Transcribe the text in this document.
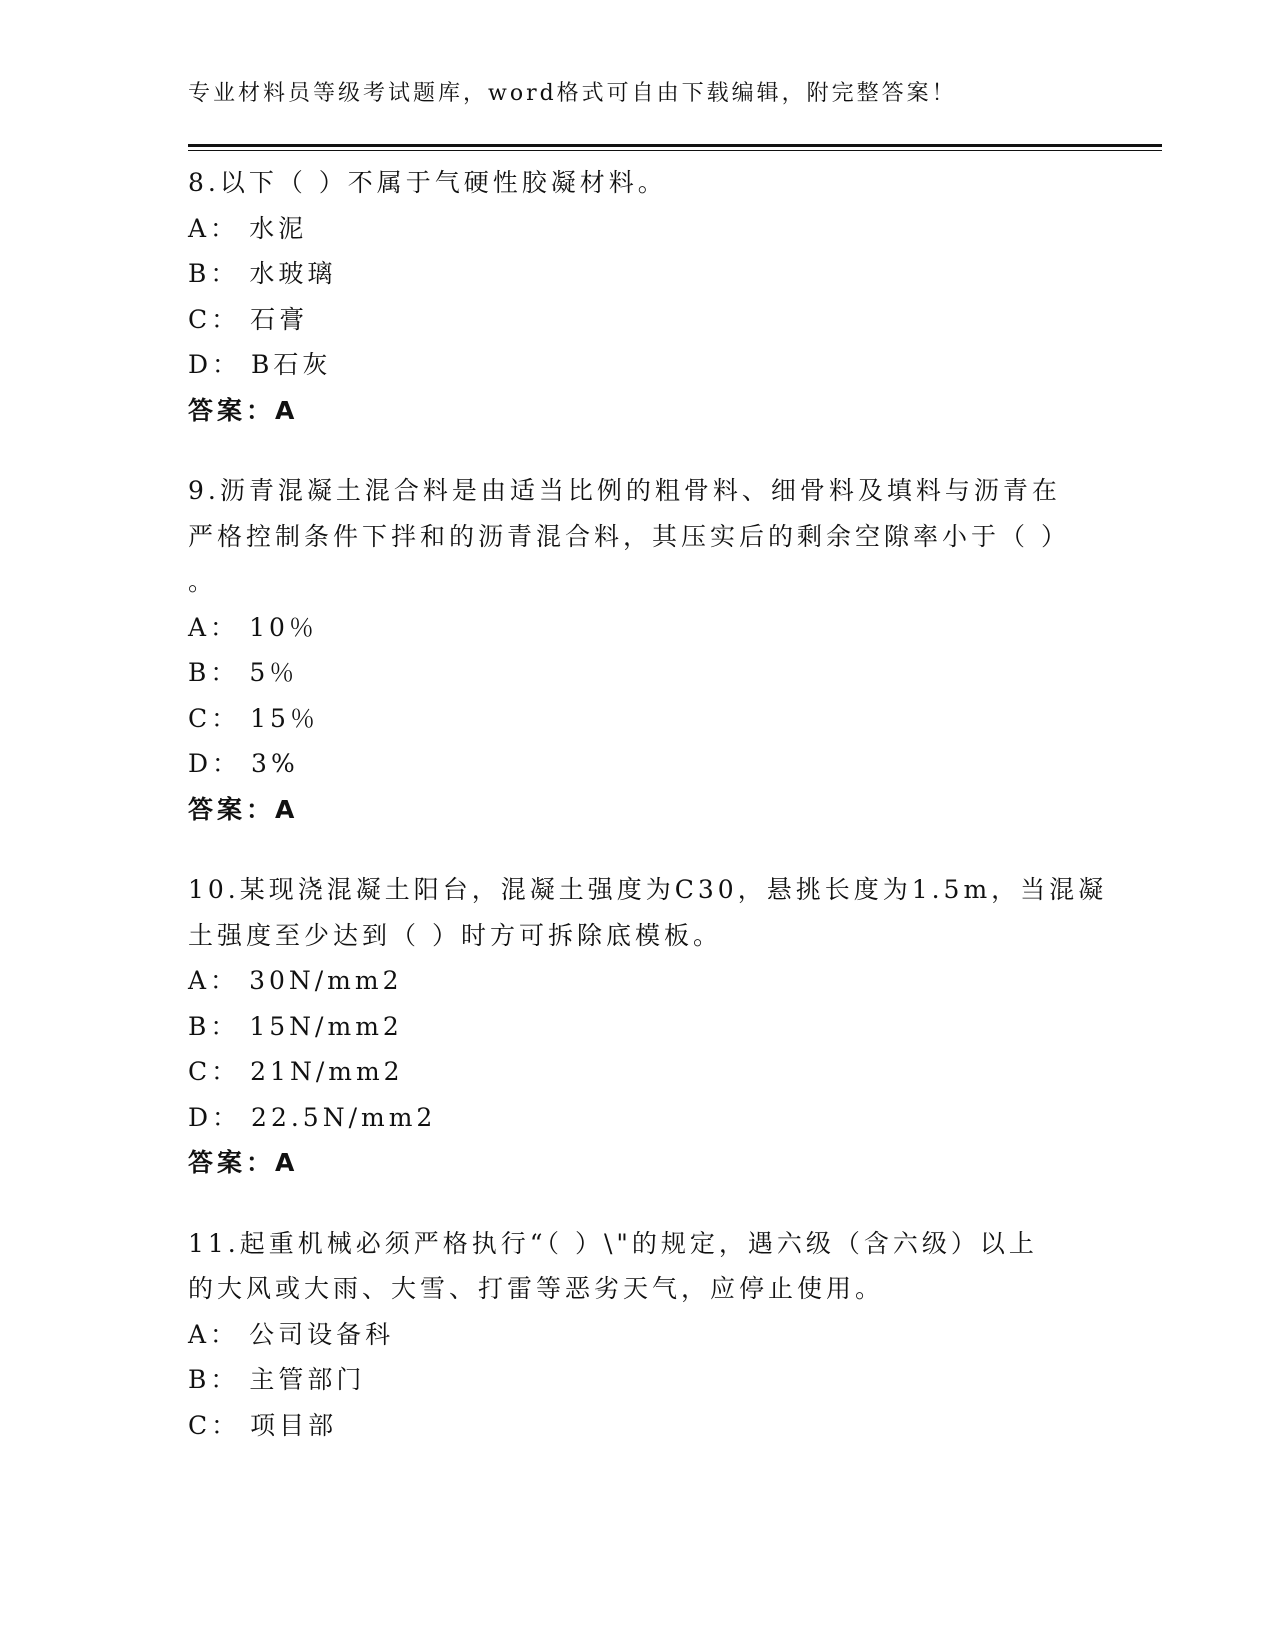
专业材料员等级考试题库，word格式可自由下载编辑，附完整答案！
8.以下（ ）不属于气硬性胶凝材料。
A： 水泥
B： 水玻璃
C： 石膏
D： B石灰
答案：A
9.沥青混凝土混合料是由适当比例的粗骨料、细骨料及填料与沥青在
严格控制条件下拌和的沥青混合料，其压实后的剩余空隙率小于（ ）
。
A： 10％
B： 5％
C： 15％
D： 3%
答案：A
10.某现浇混凝土阳台，混凝土强度为C30，悬挑长度为1.5m，当混凝
土强度至少达到（ ）时方可拆除底模板。
A： 30N/mm2
B： 15N/mm2
C： 21N/mm2
D： 22.5N/mm2
答案：A
11.起重机械必须严格执行“（ ）\"的规定，遇六级（含六级）以上
的大风或大雨、大雪、打雷等恶劣天气，应停止使用。
A： 公司设备科
B： 主管部门
C： 项目部
